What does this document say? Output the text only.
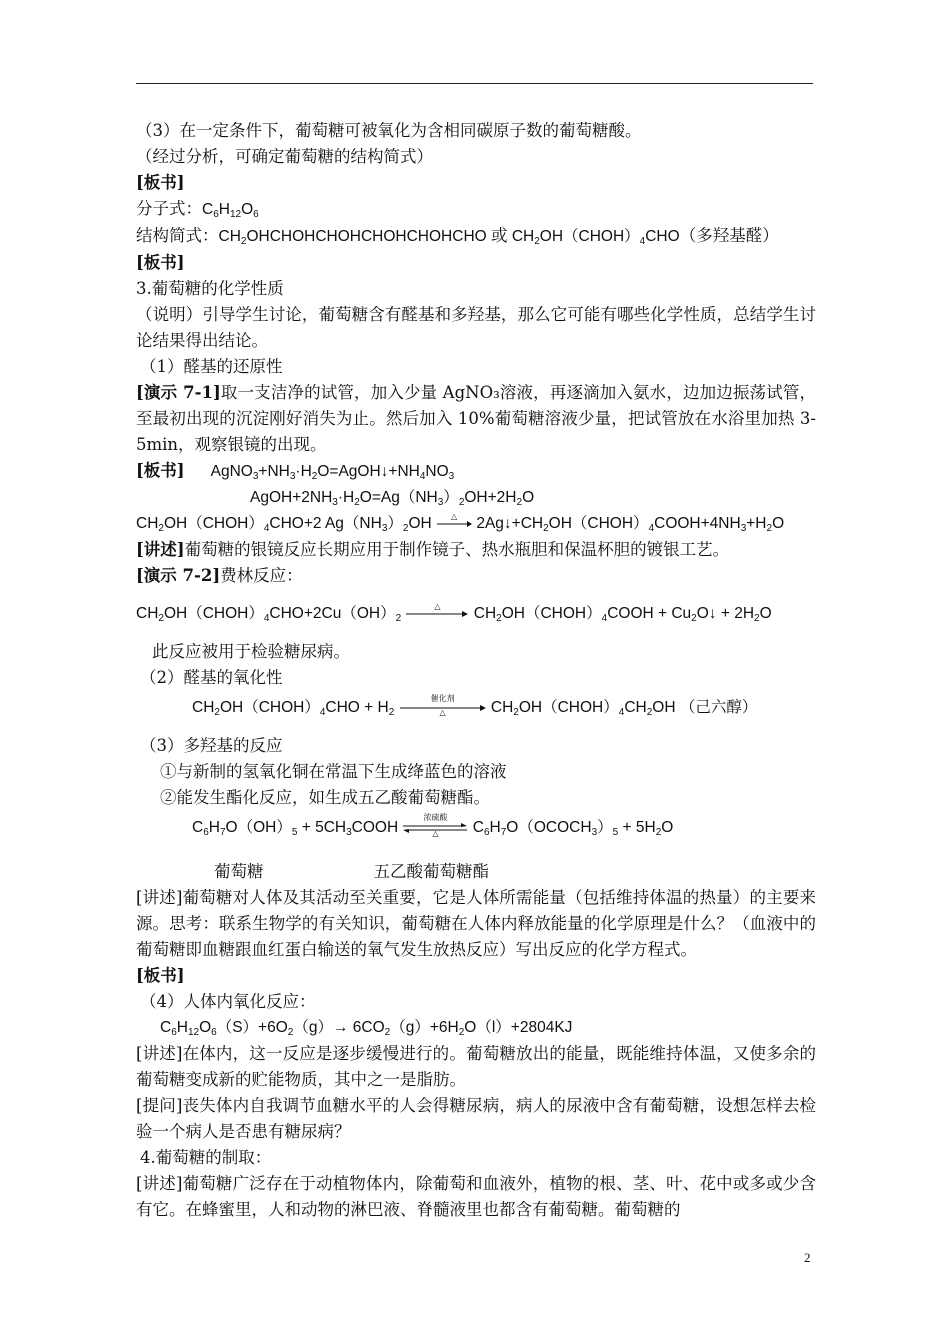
（3）在一定条件下，葡萄糖可被氧化为含相同碳原子数的葡萄糖酸。

（经过分析，可确定葡萄糖的结构简式）

[板书]

分子式：$C_6H_{12}O_6$

结构简式：$CH_2OHCHOHCHOHCHOHCHOHCHO$ 或 $CH_2OH(CHOH)_4CHO$（多羟基醛）

[板书]

3.葡萄糖的化学性质

（说明）引导学生讨论，葡萄糖含有醛基和多羟基，那么它可能有哪些化学性质，总结学生讨论结果得出结论。

（1）醛基的还原性

[演示 7-1]取一支洁净的试管，加入少量 AgNO₃溶液，再逐滴加入氨水，边加边振荡试管，至最初出现的沉淀刚好消失为止。然后加入 10%葡萄糖溶液少量，把试管放在水浴里加热 3-5min，观察银镜的出现。

[板书] $AgNO_3+NH_3\cdot H_2O=AgOH↓+NH_4NO_3$

$AgOH+2NH_3\cdot H_2O=Ag(NH_3)_2OH+2H_2O$

$CH_2OH(CHOH)_4CHO+2$ $Ag(NH_3)_2OH$	△ $2Ag↓+CH_2OH(CHOH)_4COOH+4NH_3+H_2O$

[讲述]葡萄糖的银镜反应长期应用于制作镜子、热水瓶胆和保温杯胆的镀银工艺。

[演示 7-2]费林反应：

$CH_2OH(CHOH)_4CHO+2Cu(OH)_2$
△	$CH_2OH(CHOH)_4COOH$ + $Cu_2O↓ + 2H_2O$

此反应被用于检验糖尿病。

（2）醛基的氧化性

$CH_2OH(CHOH)_4CHO + H_2$
催化剂
△	$CH_2OH(CHOH)_4CH_2OH$ （己六醇）

（3）多羟基的反应

①与新制的氢氧化铜在常温下生成绛蓝色的溶液

②能发生酯化反应，如生成五乙酸葡萄糖酯。

$C_6H_7O(OH)_5$ + $5CH_3COOH$
浓硫酸
△	$C_6H_7O(OCOCH_3)_5 + 5H_2O$

葡萄糖	五乙酸葡萄糖酯

[讲述]葡萄糖对人体及其活动至关重要，它是人体所需能量（包括维持体温的热量）的主要来源。思考：联系生物学的有关知识，葡萄糖在人体内释放能量的化学原理是什么？（血液中的葡萄糖即血糖跟血红蛋白输送的氧气发生放热反应）写出反应的化学方程式。

[板书]

（4）人体内氧化反应：

$C_6H_{12}O_6(S)+6O_2(g)\to 6CO_2(g)+6H_2O(l)+2804KJ$

[讲述]在体内，这一反应是逐步缓慢进行的。葡萄糖放出的能量，既能维持体温，又使多余的葡萄糖变成新的贮能物质，其中之一是脂肪。

[提问]丧失体内自我调节血糖水平的人会得糖尿病，病人的尿液中含有葡萄糖，设想怎样去检验一个病人是否患有糖尿病？

4.葡萄糖的制取：

[讲述]葡萄糖广泛存在于动植物体内，除葡萄和血液外，植物的根、茎、叶、花中或多或少含有它。在蜂蜜里，人和动物的淋巴液、脊髓液里也都含有葡萄糖。葡萄糖的

2
